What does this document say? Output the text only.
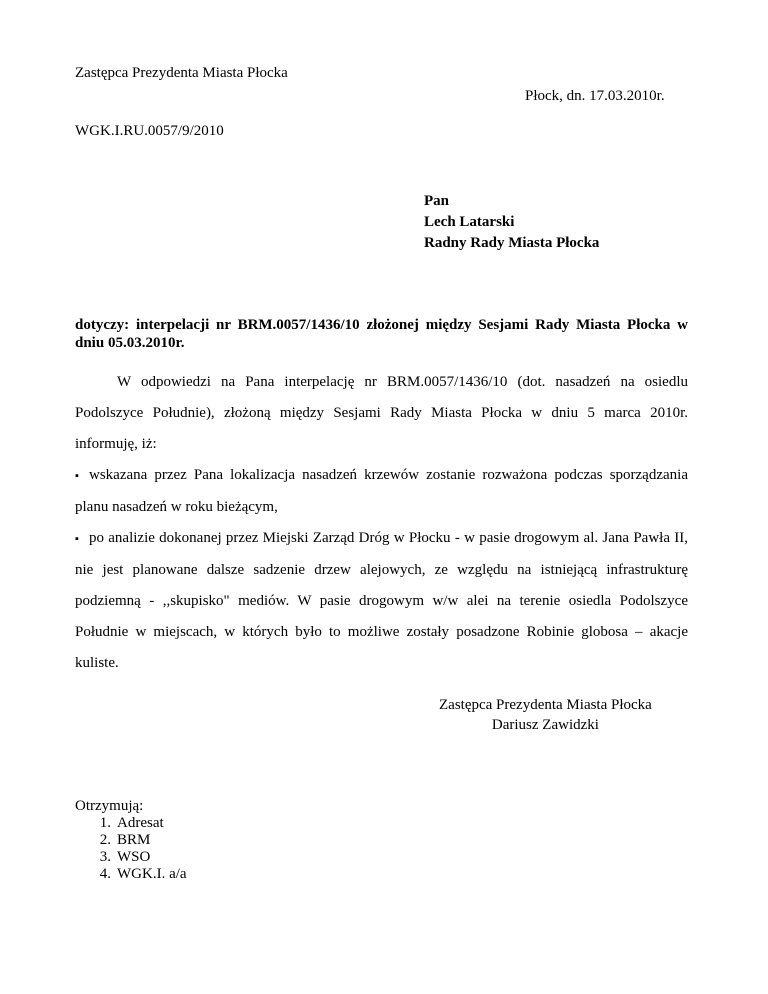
Zastępca Prezydenta Miasta Płocka
Płock, dn. 17.03.2010r.
WGK.I.RU.0057/9/2010
Pan
Lech Latarski
Radny Rady Miasta Płocka
dotyczy: interpelacji nr BRM.0057/1436/10 złożonej między Sesjami Rady Miasta Płocka w dniu 05.03.2010r.

W odpowiedzi na Pana interpelację nr BRM.0057/1436/10 (dot. nasadzeń na osiedlu Podolszyce Południe), złożoną między Sesjami Rady Miasta Płocka w dniu 5 marca 2010r. informuję, iż:

▪ wskazana przez Pana lokalizacja nasadzeń krzewów zostanie rozważona podczas sporządzania planu nasadzeń w roku bieżącym,

▪ po analizie dokonanej przez Miejski Zarząd Dróg w Płocku - w pasie drogowym al. Jana Pawła II, nie jest planowane dalsze sadzenie drzew alejowych, ze względu na istniejącą infrastrukturę podziemną - ,,skupisko" mediów. W pasie drogowym w/w alei na terenie osiedla Podolszyce Południe w miejscach, w których było to możliwe zostały posadzone Robinie globosa – akacje kuliste.

Zastępca Prezydenta Miasta Płocka
Dariusz Zawidzki
Otrzymują:
1. Adresat
2. BRM
3. WSO
4. WGK.I. a/a
